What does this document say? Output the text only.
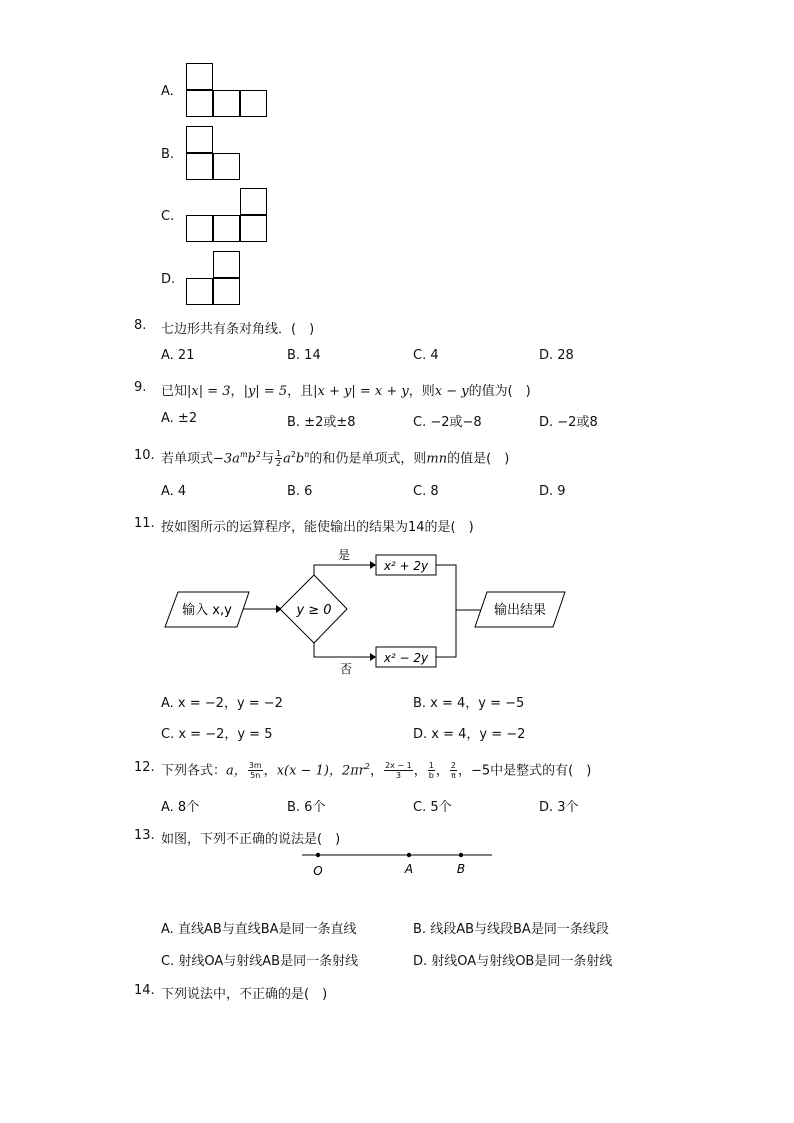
A.
B.
C.
D.
8. 七边形共有条对角线．(　)
A. 21	B. 14	C. 4	D. 28
9. 已知|x| = 3，|y| = 5，且|x + y| = x + y，则x − y的值为(　)
A. ±2	B. ±2或±8	C. −2或−8	D. −2或8
10. 若单项式$-3a^mb^2$与 $\frac{1}{2} a^2b^n$的和仍是单项式，则mn的值是(　)
A. 4	B. 6	C. 8	D. 9
11. 按如图所示的运算程序，能使输出的结果为14的是(　)
输入 x,y	y ≥ 0
是
否
x² + 2y
x² − 2y
输出结果
A. x = −2，y = −2	B. x = 4，y = −5
C. x = −2，y = 5	D. x = 4，y = −2
12. 下列各式：a， $\frac{3m}{5n}$ ，x(x − 1)，$2\pi r^2$， $\frac{2x - 1}{3}$ ， $\frac{1}{b}$ ， $\frac{2}{\pi}$ ，−5中是整式的有(　)
A. 8个	B. 6个	C. 5个	D. 3个
13. 如图，下列不正确的说法是(　)
O	A	B
A. 直线AB与直线BA是同一条直线	B. 线段AB与线段BA是同一条线段
C. 射线OA与射线AB是同一条射线	D. 射线OA与射线OB是同一条射线
14. 下列说法中，不正确的是(　)
